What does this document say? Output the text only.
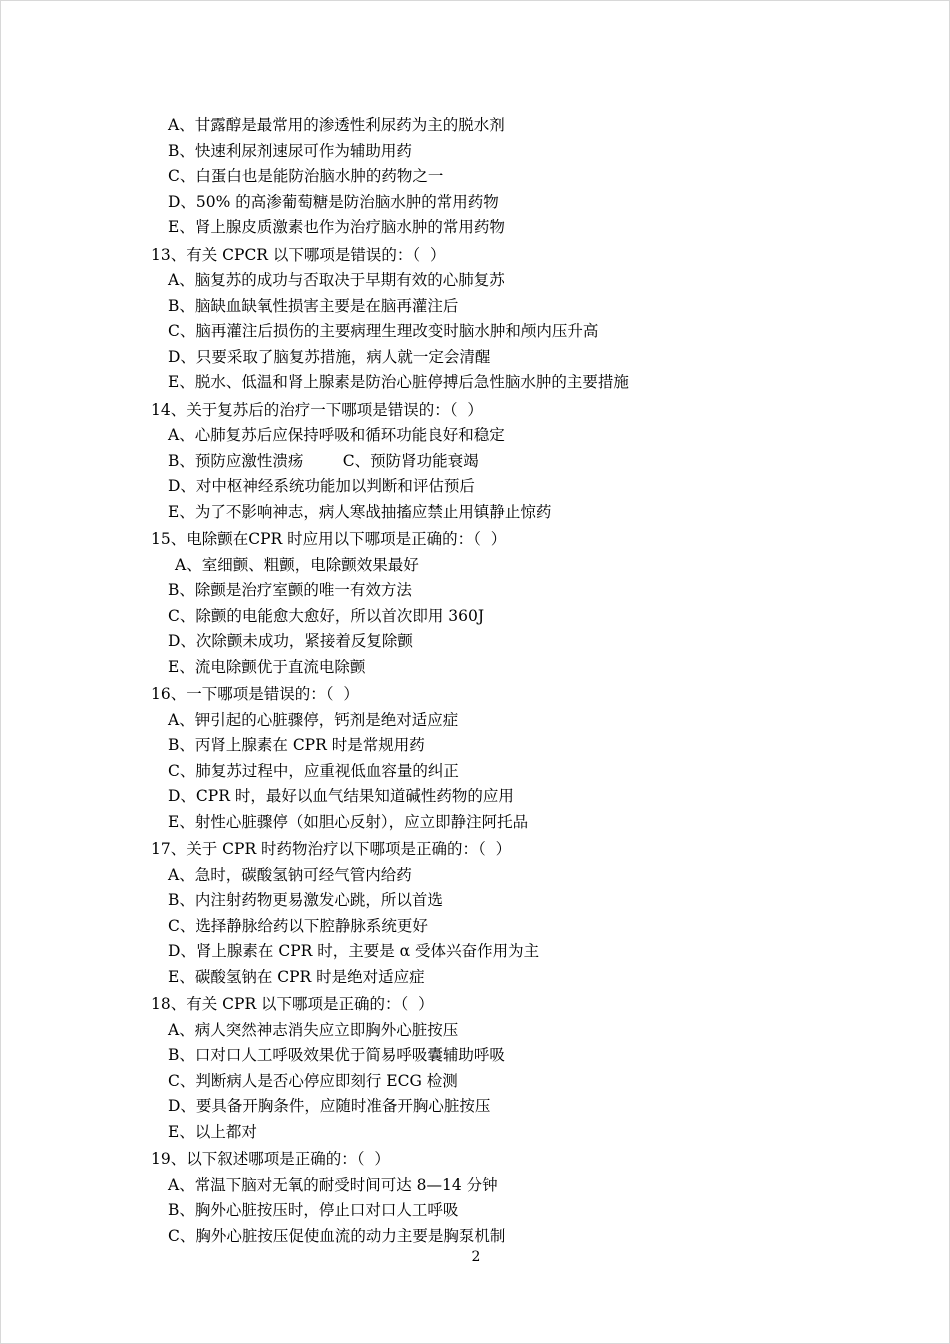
A、甘露醇是最常用的渗透性利尿药为主的脱水剂
B、快速利尿剂速尿可作为辅助用药
C、白蛋白也是能防治脑水肿的药物之一
D、50% 的高渗葡萄糖是防治脑水肿的常用药物
E、肾上腺皮质激素也作为治疗脑水肿的常用药物
13、有关 CPCR 以下哪项是错误的：（  ）
A、脑复苏的成功与否取决于早期有效的心肺复苏
B、脑缺血缺氧性损害主要是在脑再灌注后
C、脑再灌注后损伤的主要病理生理改变时脑水肿和颅内压升高
D、只要采取了脑复苏措施，病人就一定会清醒
E、脱水、低温和肾上腺素是防治心脏停搏后急性脑水肿的主要措施
14、关于复苏后的治疗一下哪项是错误的：（  ）
A、心肺复苏后应保持呼吸和循环功能良好和稳定
B、预防应激性溃疡        C、预防肾功能衰竭
D、对中枢神经系统功能加以判断和评估预后
E、为了不影响神志，病人寒战抽搐应禁止用镇静止惊药
15、电除颤在CPR 时应用以下哪项是正确的：（  ）
A、室细颤、粗颤，电除颤效果最好
B、除颤是治疗室颤的唯一有效方法
C、除颤的电能愈大愈好，所以首次即用 360J
D、次除颤未成功，紧接着反复除颤
E、流电除颤优于直流电除颤
16、一下哪项是错误的：（  ）
A、钾引起的心脏骤停，钙剂是绝对适应症
B、丙肾上腺素在 CPR 时是常规用药
C、肺复苏过程中，应重视低血容量的纠正
D、CPR 时，最好以血气结果知道碱性药物的应用
E、射性心脏骤停（如胆心反射），应立即静注阿托品
17、关于 CPR 时药物治疗以下哪项是正确的：（  ）
A、急时，碳酸氢钠可经气管内给药
B、内注射药物更易激发心跳，所以首选
C、选择静脉给药以下腔静脉系统更好
D、肾上腺素在 CPR 时，主要是 α 受体兴奋作用为主
E、碳酸氢钠在 CPR 时是绝对适应症
18、有关 CPR 以下哪项是正确的：（  ）
A、病人突然神志消失应立即胸外心脏按压
B、口对口人工呼吸效果优于简易呼吸囊辅助呼吸
C、判断病人是否心停应即刻行 ECG 检测
D、要具备开胸条件，应随时准备开胸心脏按压
E、以上都对
19、以下叙述哪项是正确的：（  ）
A、常温下脑对无氧的耐受时间可达 8—14 分钟
B、胸外心脏按压时，停止口对口人工呼吸
C、胸外心脏按压促使血流的动力主要是胸泵机制
2
